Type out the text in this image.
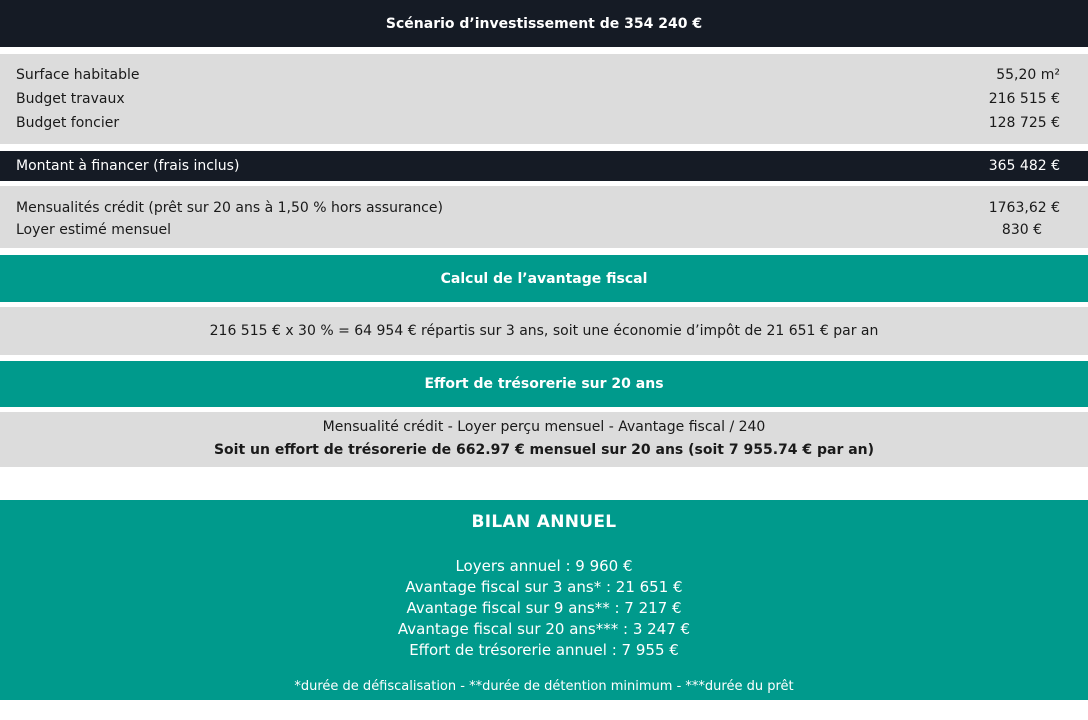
Scénario d’investissement de 354 240 €
Surface habitable	55,20 m²
Budget travaux	216 515 €
Budget foncier	128 725 €
Montant à financer (frais inclus)	365 482 €
Mensualités crédit (prêt sur 20 ans à 1,50 % hors assurance)	1763,62 €
Loyer estimé mensuel	830 €
Calcul de l’avantage fiscal
216 515 € x 30 % = 64 954 € répartis sur 3 ans, soit une économie d’impôt de 21 651 € par an
Effort de trésorerie sur 20 ans
Mensualité crédit - Loyer perçu mensuel - Avantage fiscal / 240
Soit un effort de trésorerie de 662.97 € mensuel sur 20 ans (soit 7 955.74 € par an)
BILAN ANNUEL
Loyers annuel : 9 960 €
Avantage fiscal sur 3 ans* : 21 651 €
Avantage fiscal sur 9 ans** : 7 217 €
Avantage fiscal sur 20 ans*** : 3 247 €
Effort de trésorerie annuel : 7 955 €
*durée de défiscalisation - **durée de détention minimum - ***durée du prêt
